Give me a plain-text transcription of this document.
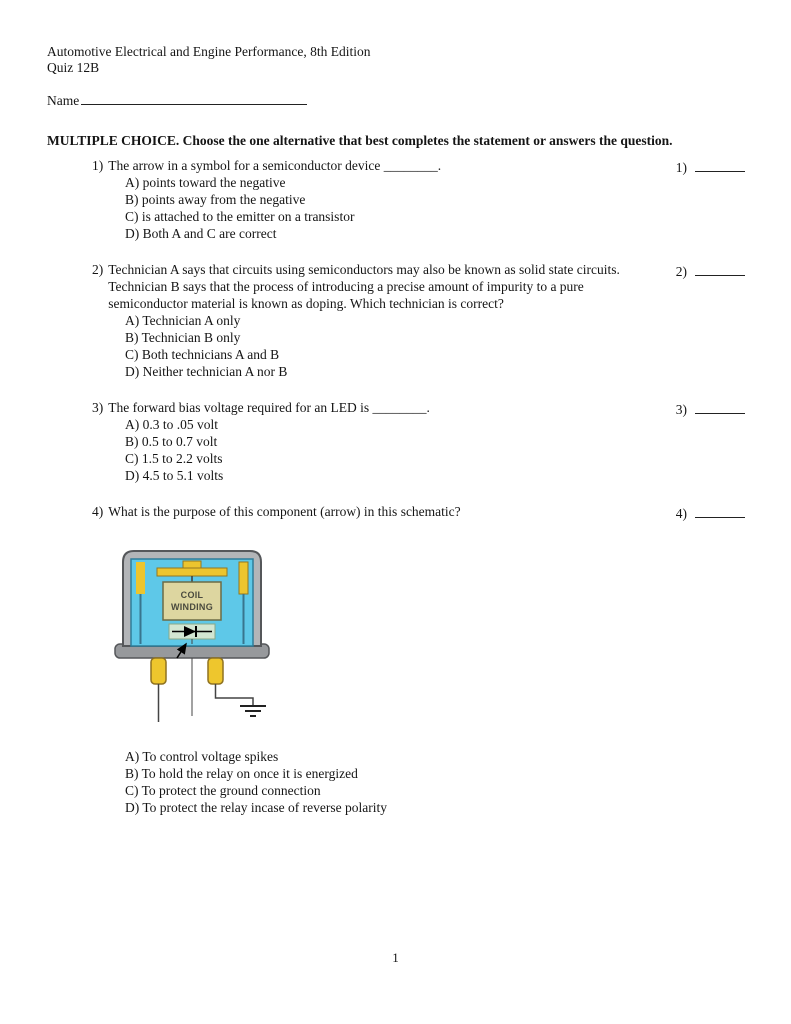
Automotive Electrical and Engine Performance, 8th Edition
Quiz 12B
Name
MULTIPLE CHOICE. Choose the one alternative that best completes the statement or answers the question.
1)
1) The arrow in a symbol for a semiconductor device ________.
A) points toward the negative
B) points away from the negative
C) is attached to the emitter on a transistor
D) Both A and C are correct
2)
2) Technician A says that circuits using semiconductors may also be known as solid state circuits. Technician B says that the process of introducing a precise amount of impurity to a pure semiconductor material is known as doping. Which technician is correct?
A) Technician A only
B) Technician B only
C) Both technicians A and B
D) Neither technician A nor B
3)
3) The forward bias voltage required for an LED is ________.
A) 0.3 to .05 volt
B) 0.5 to 0.7 volt
C) 1.5 to 2.2 volts
D) 4.5 to 5.1 volts
4)
4) What is the purpose of this component (arrow) in this schematic?
COIL
WINDING
A) To control voltage spikes
B) To hold the relay on once it is energized
C) To protect the ground connection
D) To protect the relay incase of reverse polarity
1
